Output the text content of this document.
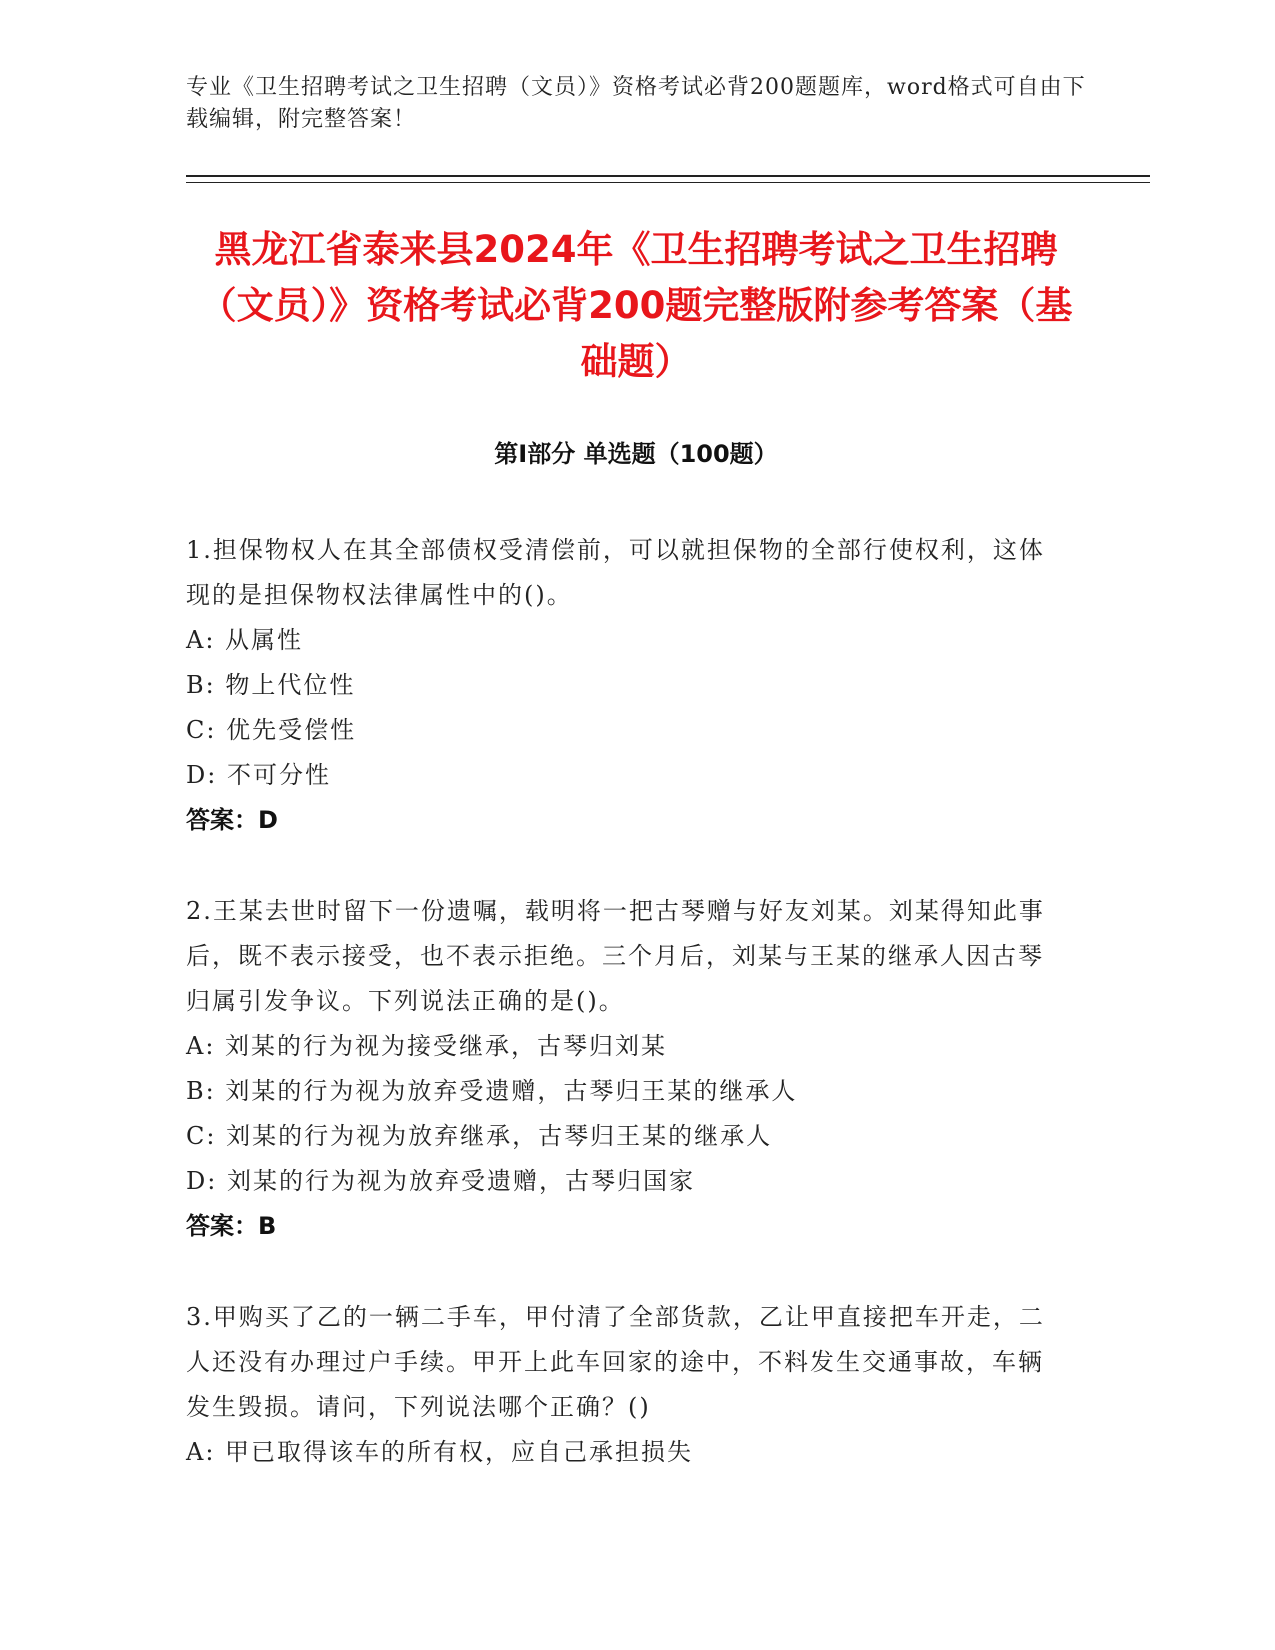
专业《卫生招聘考试之卫生招聘（文员）》资格考试必背200题题库，word格式可自由下载编辑，附完整答案！
黑龙江省泰来县2024年《卫生招聘考试之卫生招聘（文员）》资格考试必背200题完整版附参考答案（基础题）
第I部分 单选题（100题）
1.担保物权人在其全部债权受清偿前，可以就担保物的全部行使权利，这体现的是担保物权法律属性中的()。
A: 从属性
B: 物上代位性
C: 优先受偿性
D: 不可分性
答案：D
2.王某去世时留下一份遗嘱，载明将一把古琴赠与好友刘某。刘某得知此事后，既不表示接受，也不表示拒绝。三个月后，刘某与王某的继承人因古琴归属引发争议。下列说法正确的是()。
A: 刘某的行为视为接受继承，古琴归刘某
B: 刘某的行为视为放弃受遗赠，古琴归王某的继承人
C: 刘某的行为视为放弃继承，古琴归王某的继承人
D: 刘某的行为视为放弃受遗赠，古琴归国家
答案：B
3.甲购买了乙的一辆二手车，甲付清了全部货款，乙让甲直接把车开走，二人还没有办理过户手续。甲开上此车回家的途中，不料发生交通事故，车辆发生毁损。请问，下列说法哪个正确？()
A: 甲已取得该车的所有权，应自己承担损失
